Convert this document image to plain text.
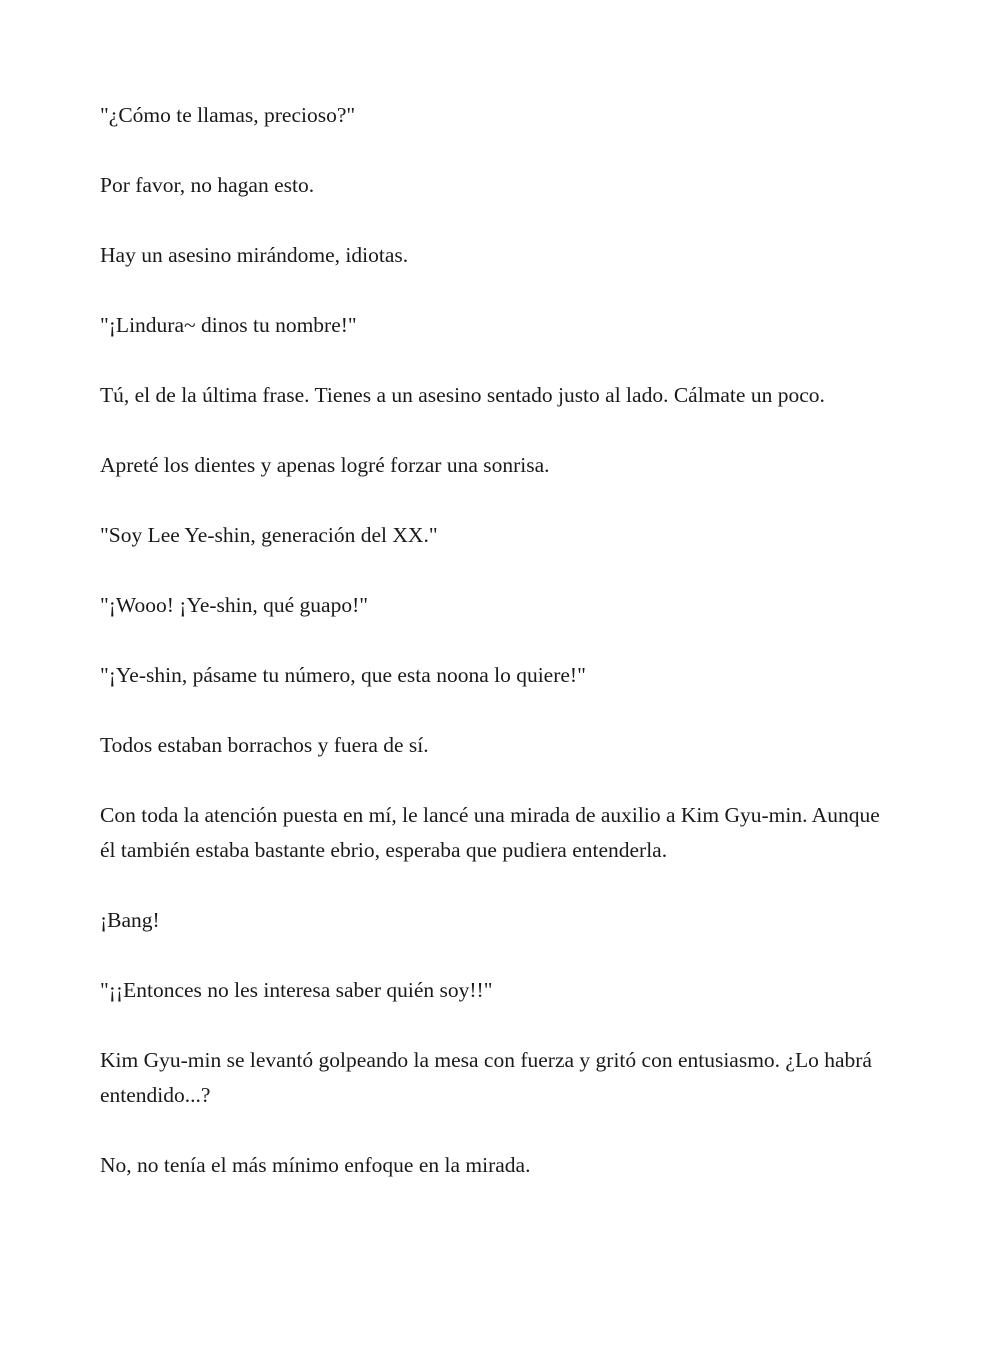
"¿Cómo te llamas, precioso?"

Por favor, no hagan esto.

Hay un asesino mirándome, idiotas.

"¡Lindura~ dinos tu nombre!"

Tú, el de la última frase. Tienes a un asesino sentado justo al lado. Cálmate un poco.

Apreté los dientes y apenas logré forzar una sonrisa.

"Soy Lee Ye-shin, generación del XX."

"¡Wooo! ¡Ye-shin, qué guapo!"

"¡Ye-shin, pásame tu número, que esta noona lo quiere!"

Todos estaban borrachos y fuera de sí.

Con toda la atención puesta en mí, le lancé una mirada de auxilio a Kim Gyu-min. Aunque él también estaba bastante ebrio, esperaba que pudiera entenderla.

¡Bang!

"¡¡Entonces no les interesa saber quién soy!!"

Kim Gyu-min se levantó golpeando la mesa con fuerza y gritó con entusiasmo. ¿Lo habrá entendido...?

No, no tenía el más mínimo enfoque en la mirada.
